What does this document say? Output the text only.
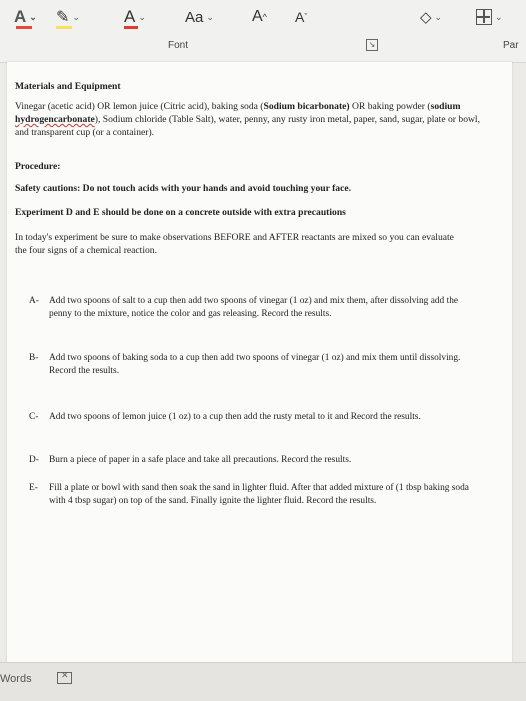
A ⌄ ✎ ⌄	A ⌄	Aa ⌄ A ^ A ˇ	◇ ⌄	⌄
Font	↘	Par
Materials and Equipment
Vinegar (acetic acid) OR lemon juice (Citric acid), baking soda (Sodium bicarbonate) OR baking powder (sodium hydrogencarbonate), Sodium chloride (Table Salt), water, penny, any rusty iron metal, paper, sand, sugar, plate or bowl, and transparent cup (or a container).
Procedure:
Safety cautions: Do not touch acids with your hands and avoid touching your face.
Experiment D and E should be done on a concrete outside with extra precautions
In today's experiment be sure to make observations BEFORE and AFTER reactants are mixed so you can evaluate the four signs of a chemical reaction.
A-	Add two spoons of salt to a cup then add two spoons of vinegar (1 oz) and mix them, after dissolving add the penny to the mixture, notice the color and gas releasing. Record the results.
B-	Add two spoons of baking soda to a cup then add two spoons of vinegar (1 oz) and mix them until dissolving. Record the results.
C-	Add two spoons of lemon juice (1 oz) to a cup then add the rusty metal to it and Record the results.
D-	Burn a piece of paper in a safe place and take all precautions. Record the results.
E-	Fill a plate or bowl with sand then soak the sand in lighter fluid. After that added mixture of (1 tbsp baking soda with 4 tbsp sugar) on top of the sand. Finally ignite the lighter fluid. Record the results.
Words
✕
